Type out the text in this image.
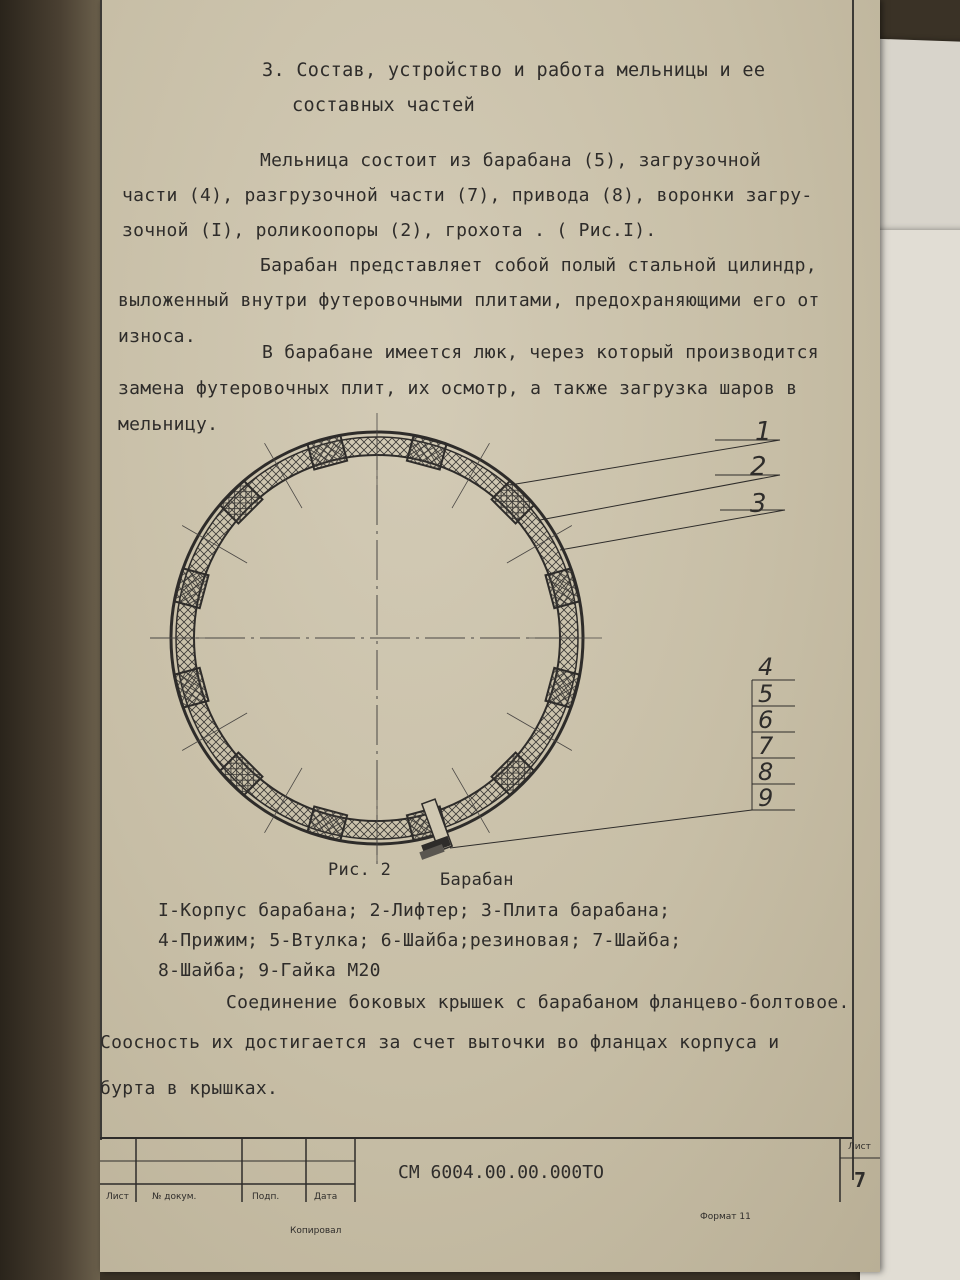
3. Состав, устройство и работа мельницы и ее
составных частей
Мельница состоит из барабана (5), загрузочной
части (4), разгрузочной части (7), привода (8), воронки загру-
зочной (I), роликоопоры (2), грохота . ( Рис.I).
Барабан представляет собой полый стальной цилиндр,
выложенный внутри футеровочными плитами, предохраняющими его от
износа.
В барабане имеется люк, через который производится
замена футеровочных плит, их осмотр, а также загрузка шаров в
мельницу.	1
2
3
4
5
6
7
8
9
Рис. 2	Барабан
I-Корпус барабана; 2-Лифтер; 3-Плита барабана;
4-Прижим; 5-Втулка; 6-Шайба;резиновая; 7-Шайба;
8-Шайба; 9-Гайка М20
Соединение боковых крышек с барабаном фланцево-болтовое.
Соосность их достигается за счет выточки во фланцах корпуса и
бурта в крышках.
Лист	№ докум.	Подп.	Дата
СМ 6004.00.00.000ТО
Лист
7
Копировал
Формат 11
